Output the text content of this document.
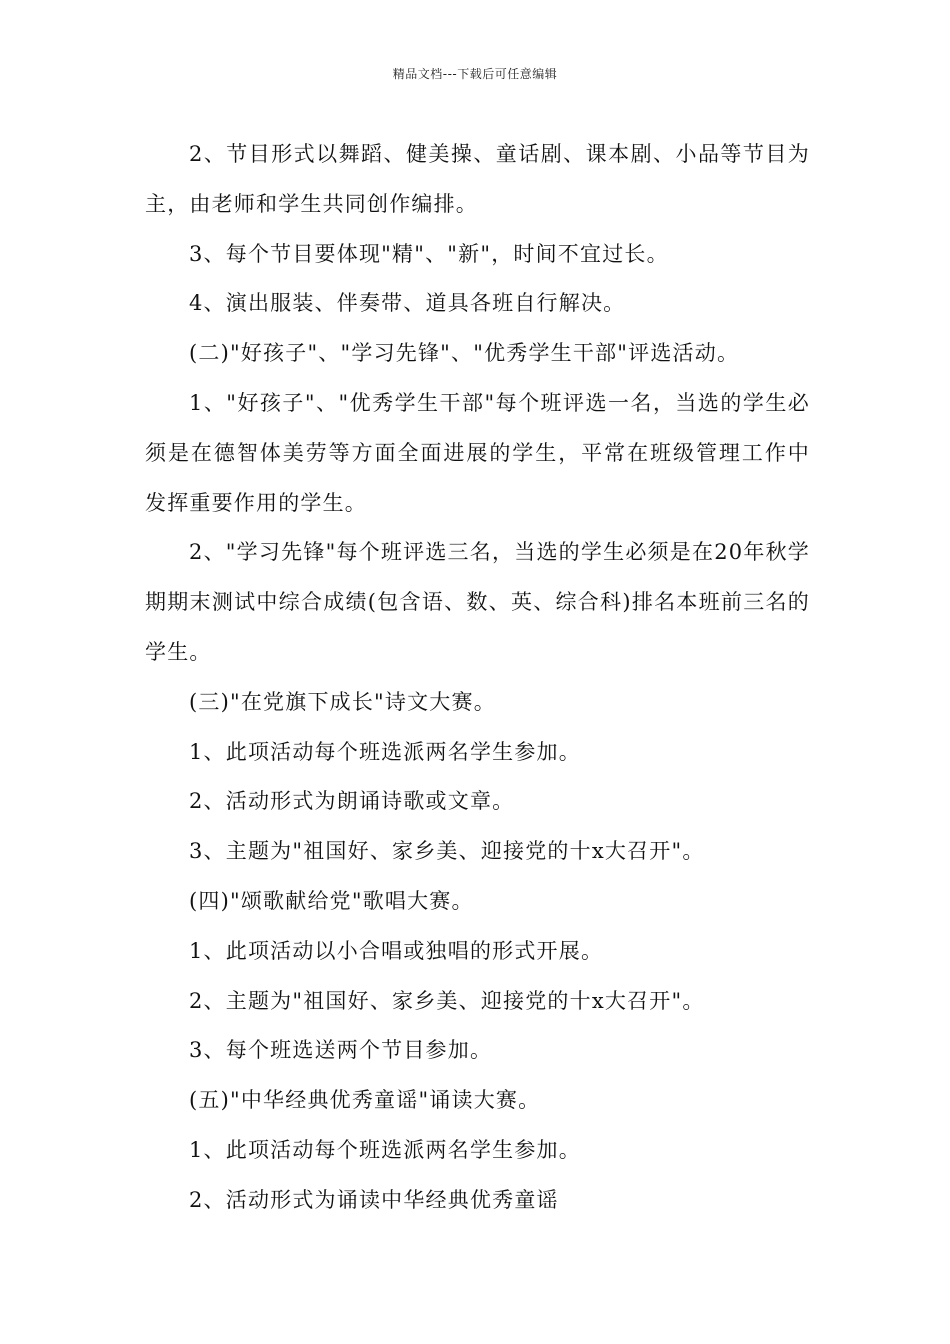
精品文档---下载后可任意编辑

2、节目形式以舞蹈、健美操、童话剧、课本剧、小品等节目为主，由老师和学生共同创作编排。

3、每个节目要体现"精"、"新"，时间不宜过长。

4、演出服装、伴奏带、道具各班自行解决。

(二)"好孩子"、"学习先锋"、"优秀学生干部"评选活动。

1、"好孩子"、"优秀学生干部"每个班评选一名，当选的学生必须是在德智体美劳等方面全面进展的学生，平常在班级管理工作中发挥重要作用的学生。

2、"学习先锋"每个班评选三名，当选的学生必须是在20年秋学期期末测试中综合成绩(包含语、数、英、综合科)排名本班前三名的学生。

(三)"在党旗下成长"诗文大赛。

1、此项活动每个班选派两名学生参加。

2、活动形式为朗诵诗歌或文章。

3、主题为"祖国好、家乡美、迎接党的十x大召开"。

(四)"颂歌献给党"歌唱大赛。

1、此项活动以小合唱或独唱的形式开展。

2、主题为"祖国好、家乡美、迎接党的十x大召开"。

3、每个班选送两个节目参加。

(五)"中华经典优秀童谣"诵读大赛。

1、此项活动每个班选派两名学生参加。

2、活动形式为诵读中华经典优秀童谣
